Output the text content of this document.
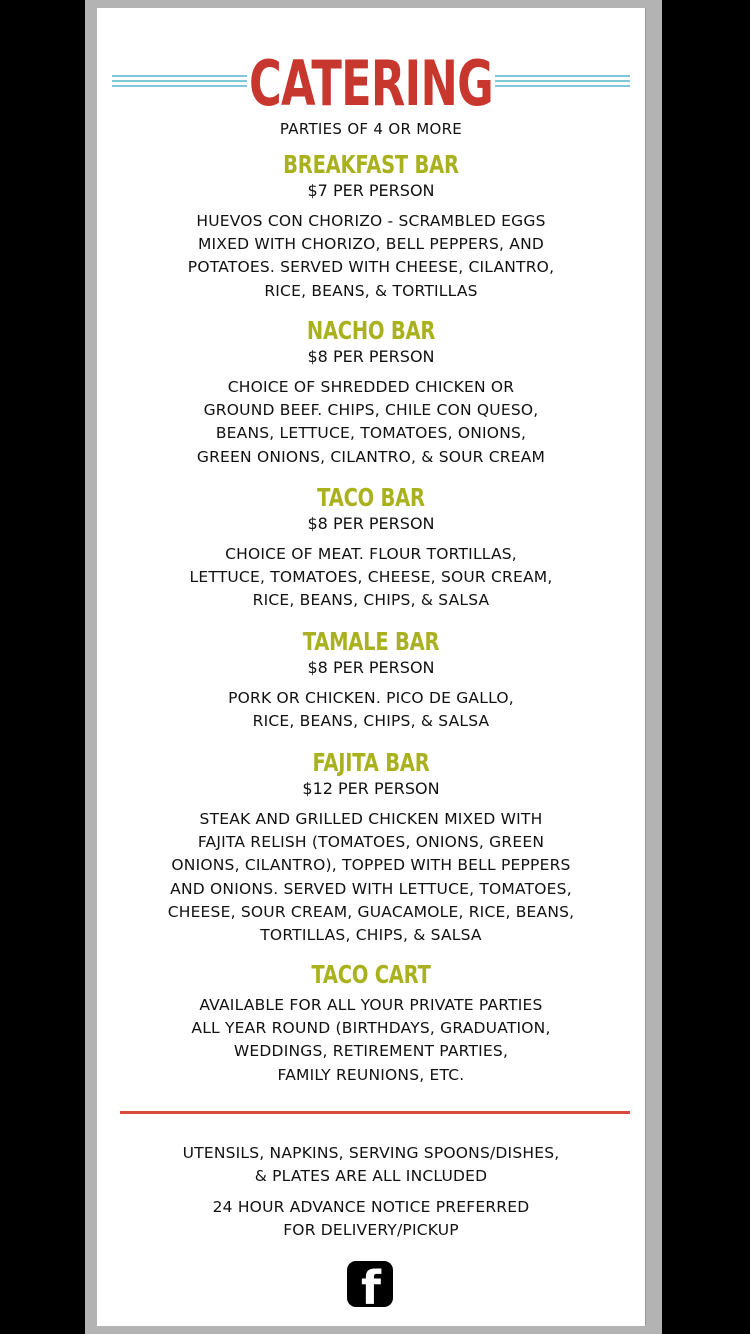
CATERING
PARTIES OF 4 OR MORE
BREAKFAST BAR
$7 PER PERSON
HUEVOS CON CHORIZO - SCRAMBLED EGGS
MIXED WITH CHORIZO, BELL PEPPERS, AND
POTATOES. SERVED WITH CHEESE, CILANTRO,
RICE, BEANS, & TORTILLAS
NACHO BAR
$8 PER PERSON
CHOICE OF SHREDDED CHICKEN OR
GROUND BEEF. CHIPS, CHILE CON QUESO,
BEANS, LETTUCE, TOMATOES, ONIONS,
GREEN ONIONS, CILANTRO, & SOUR CREAM
TACO BAR
$8 PER PERSON
CHOICE OF MEAT. FLOUR TORTILLAS,
LETTUCE, TOMATOES, CHEESE, SOUR CREAM,
RICE, BEANS, CHIPS, & SALSA
TAMALE BAR
$8 PER PERSON
PORK OR CHICKEN. PICO DE GALLO,
RICE, BEANS, CHIPS, & SALSA
FAJITA BAR
$12 PER PERSON
STEAK AND GRILLED CHICKEN MIXED WITH
FAJITA RELISH (TOMATOES, ONIONS, GREEN
ONIONS, CILANTRO), TOPPED WITH BELL PEPPERS
AND ONIONS. SERVED WITH LETTUCE, TOMATOES,
CHEESE, SOUR CREAM, GUACAMOLE, RICE, BEANS,
TORTILLAS, CHIPS, & SALSA
TACO CART
AVAILABLE FOR ALL YOUR PRIVATE PARTIES
ALL YEAR ROUND (BIRTHDAYS, GRADUATION,
WEDDINGS, RETIREMENT PARTIES,
FAMILY REUNIONS, ETC.
UTENSILS, NAPKINS, SERVING SPOONS/DISHES,
& PLATES ARE ALL INCLUDED
24 HOUR ADVANCE NOTICE PREFERRED
FOR DELIVERY/PICKUP
f
